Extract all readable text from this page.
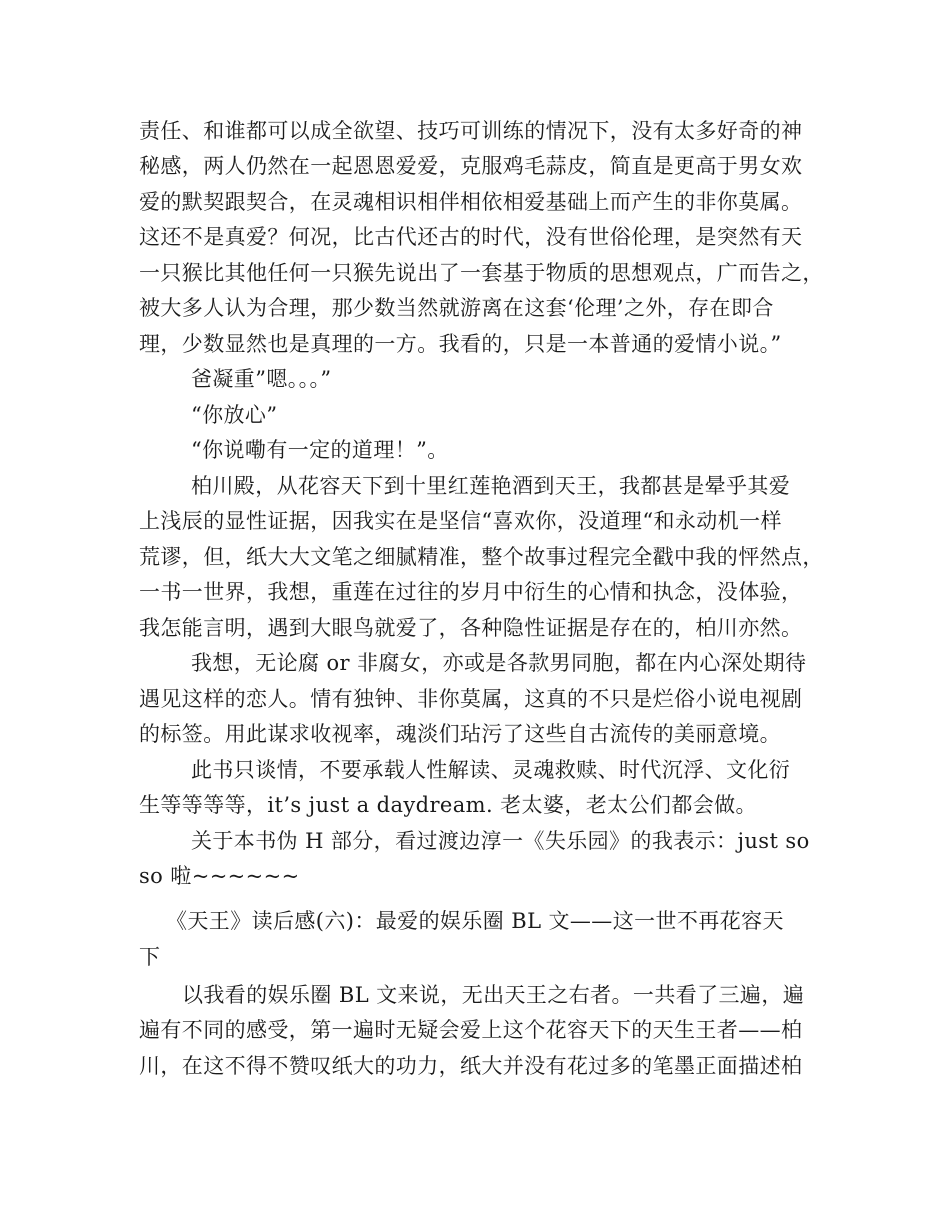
责任、和谁都可以成全欲望、技巧可训练的情况下，没有太多好奇的神
秘感，两人仍然在一起恩恩爱爱，克服鸡毛蒜皮，简直是更高于男女欢
爱的默契跟契合，在灵魂相识相伴相依相爱基础上而产生的非你莫属。
这还不是真爱？何况，比古代还古的时代，没有世俗伦理，是突然有天
一只猴比其他任何一只猴先说出了一套基于物质的思想观点，广而告之，
被大多人认为合理，那少数当然就游离在这套‘伦理’之外，存在即合
理，少数显然也是真理的一方。我看的，只是一本普通的爱情小说。”
爸凝重”嗯。。。”
“你放心”
“你说嘞有一定的道理！”。
柏川殿，从花容天下到十里红莲艳酒到天王，我都甚是晕乎其爱
上浅辰的显性证据，因我实在是坚信“喜欢你，没道理“和永动机一样
荒谬，但，纸大大文笔之细腻精准，整个故事过程完全戳中我的怦然点，
一书一世界，我想，重莲在过往的岁月中衍生的心情和执念，没体验，
我怎能言明，遇到大眼鸟就爱了，各种隐性证据是存在的，柏川亦然。
我想，无论腐 or 非腐女，亦或是各款男同胞，都在内心深处期待
遇见这样的恋人。情有独钟、非你莫属，这真的不只是烂俗小说电视剧
的标签。用此谋求收视率，魂淡们玷污了这些自古流传的美丽意境。
此书只谈情，不要承载人性解读、灵魂救赎、时代沉浮、文化衍
生等等等等，it’s just a daydream. 老太婆，老太公们都会做。
关于本书伪 H 部分，看过渡边淳一《失乐园》的我表示：just so
so 啦~~~~~~
《天王》读后感(六)：最爱的娱乐圈 BL 文——这一世不再花容天
下
以我看的娱乐圈 BL 文来说，无出天王之右者。一共看了三遍，遍
遍有不同的感受，第一遍时无疑会爱上这个花容天下的天生王者——柏
川，在这不得不赞叹纸大的功力，纸大并没有花过多的笔墨正面描述柏
